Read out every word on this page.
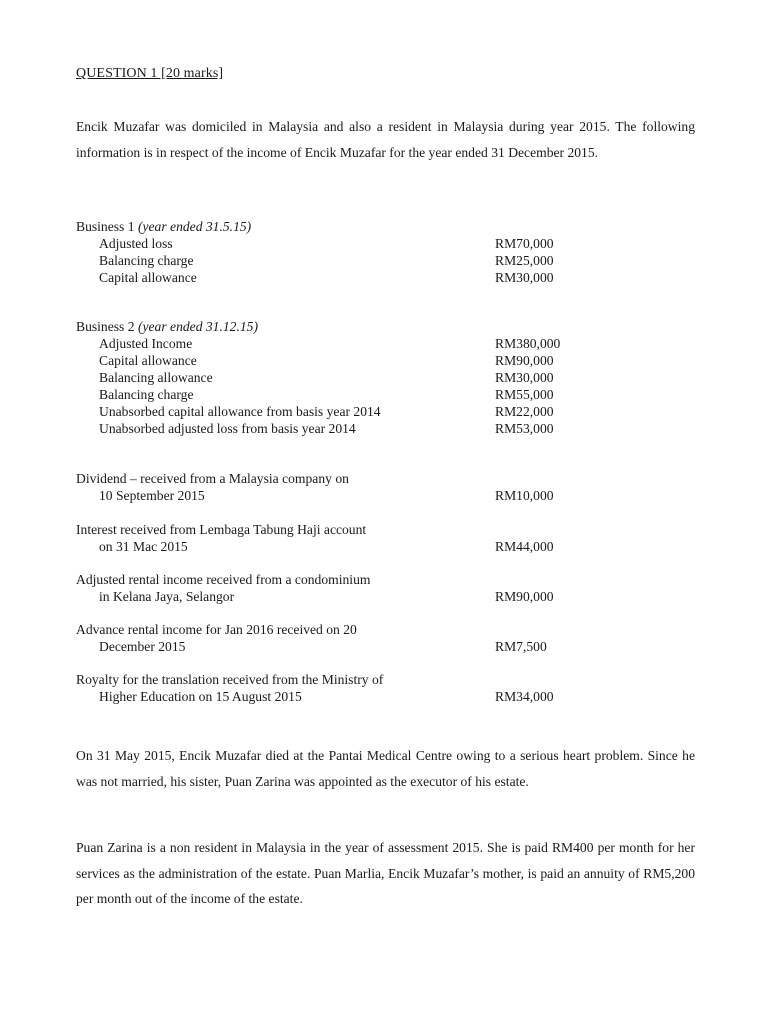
QUESTION 1 [20 marks]
Encik Muzafar was domiciled in Malaysia and also a resident in Malaysia during year 2015. The following information is in respect of the income of Encik Muzafar for the year ended 31 December 2015.
Business 1 (year ended 31.5.15)
Adjusted loss	RM70,000
Balancing charge	RM25,000
Capital allowance	RM30,000
Business 2 (year ended 31.12.15)
Adjusted Income	RM380,000
Capital allowance	RM90,000
Balancing allowance	RM30,000
Balancing charge	RM55,000
Unabsorbed capital allowance from basis year 2014	RM22,000
Unabsorbed adjusted loss from basis year 2014	RM53,000
Dividend – received from a Malaysia company on
10 September 2015	RM10,000
Interest received from Lembaga Tabung Haji account
on 31 Mac 2015	RM44,000
Adjusted rental income received from a condominium
in Kelana Jaya, Selangor	RM90,000
Advance rental income for Jan 2016 received on 20
December 2015	RM7,500
Royalty for the translation received from the Ministry of
Higher Education on 15 August 2015	RM34,000
On 31 May 2015, Encik Muzafar died at the Pantai Medical Centre owing to a serious heart problem. Since he was not married, his sister, Puan Zarina was appointed as the executor of his estate.
Puan Zarina is a non resident in Malaysia in the year of assessment 2015. She is paid RM400 per month for her services as the administration of the estate. Puan Marlia, Encik Muzafar’s mother, is paid an annuity of RM5,200 per month out of the income of the estate.
